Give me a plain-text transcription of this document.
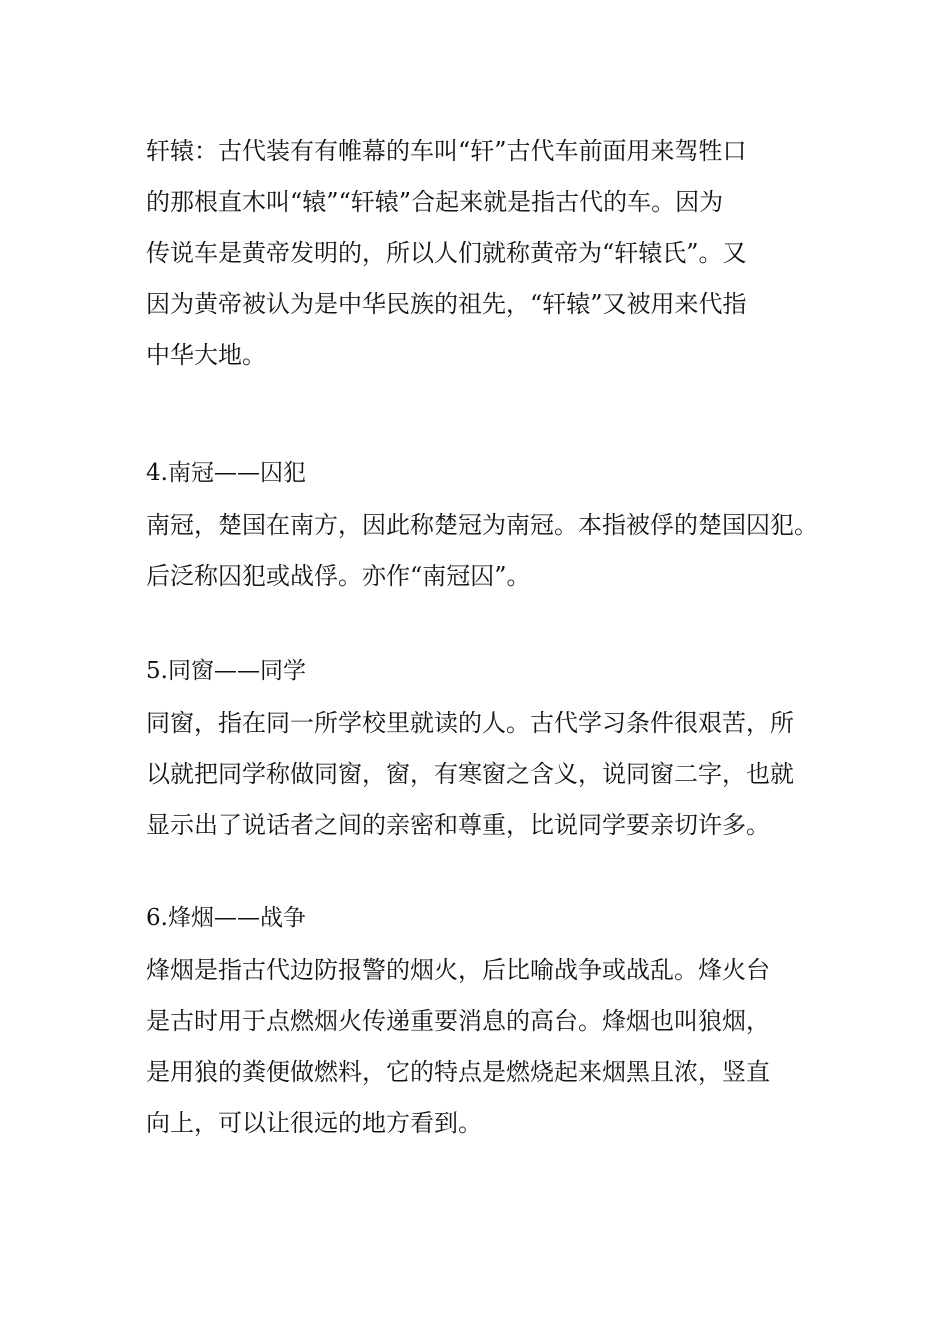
轩辕：古代装有有帷幕的车叫“轩”古代车前面用来驾牲口
的那根直木叫“辕”“轩辕”合起来就是指古代的车。因为
传说车是黄帝发明的，所以人们就称黄帝为“轩辕氏”。又
因为黄帝被认为是中华民族的祖先，“轩辕”又被用来代指
中华大地。
4.南冠——囚犯
南冠，楚国在南方，因此称楚冠为南冠。本指被俘的楚国囚犯。
后泛称囚犯或战俘。亦作“南冠囚”。
5.同窗——同学
同窗，指在同一所学校里就读的人。古代学习条件很艰苦，所
以就把同学称做同窗，窗，有寒窗之含义，说同窗二字，也就
显示出了说话者之间的亲密和尊重，比说同学要亲切许多。
6.烽烟——战争
烽烟是指古代边防报警的烟火，后比喻战争或战乱。烽火台
是古时用于点燃烟火传递重要消息的高台。烽烟也叫狼烟，
是用狼的粪便做燃料，它的特点是燃烧起来烟黑且浓，竖直
向上，可以让很远的地方看到。
